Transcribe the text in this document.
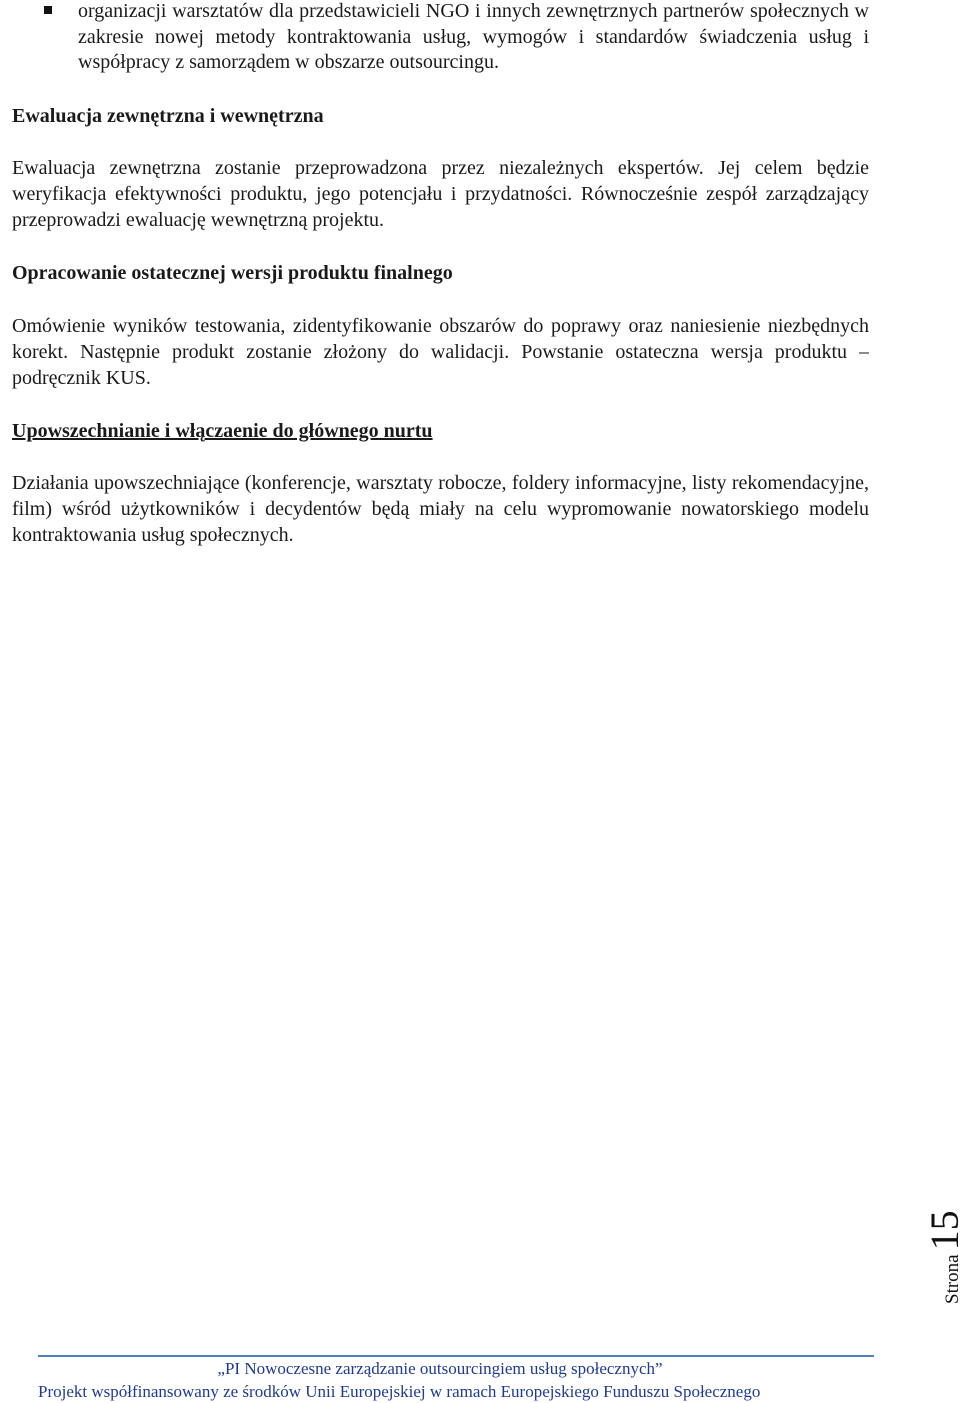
organizacji warsztatów dla przedstawicieli NGO i innych zewnętrznych partnerów społecznych w zakresie nowej metody kontraktowania usług, wymogów i standardów świadczenia usług i współpracy z samorządem w obszarze outsourcingu.
Ewaluacja zewnętrzna i wewnętrzna

Ewaluacja zewnętrzna zostanie przeprowadzona przez niezależnych ekspertów. Jej celem będzie weryfikacja efektywności produktu, jego potencjału i przydatności. Równocześnie zespół zarządzający przeprowadzi ewaluację wewnętrzną projektu.

Opracowanie ostatecznej wersji produktu finalnego

Omówienie wyników testowania, zidentyfikowanie obszarów do poprawy oraz naniesienie niezbędnych korekt. Następnie produkt zostanie złożony do walidacji. Powstanie ostateczna wersja produktu ⎯ podręcznik KUS.

Upowszechnianie i włączaenie do głównego nurtu

Działania upowszechniające (konferencje, warsztaty robocze, foldery informacyjne, listy rekomendacyjne, film) wśród użytkowników i decydentów będą miały na celu wypromowanie nowatorskiego modelu kontraktowania usług społecznych.

Strona15
„PI Nowoczesne zarządzanie outsourcingiem usług społecznych”
Projekt współfinansowany ze środków Unii Europejskiej w ramach Europejskiego Funduszu Społecznego
